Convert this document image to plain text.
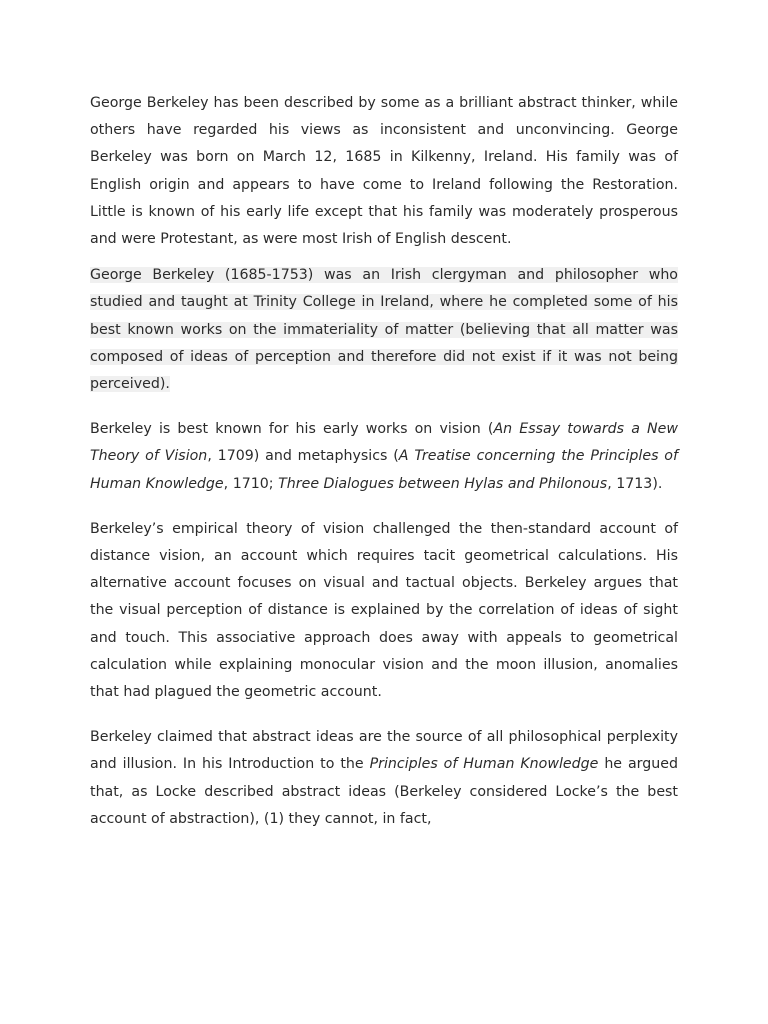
George Berkeley has been described by some as a brilliant abstract thinker, while others have regarded his views as inconsistent and unconvincing. George Berkeley was born on March 12, 1685 in Kilkenny, Ireland. His family was of English origin and appears to have come to Ireland following the Restoration. Little is known of his early life except that his family was moderately prosperous and were Protestant, as were most Irish of English descent.

George Berkeley (1685-1753) was an Irish clergyman and philosopher who studied and taught at Trinity College in Ireland, where he completed some of his best known works on the immateriality of matter (believing that all matter was composed of ideas of perception and therefore did not exist if it was not being perceived).

Berkeley is best known for his early works on vision (An Essay towards a New Theory of Vision, 1709) and metaphysics (A Treatise concerning the Principles of Human Knowledge, 1710; Three Dialogues between Hylas and Philonous, 1713).

Berkeley’s empirical theory of vision challenged the then-standard account of distance vision, an account which requires tacit geometrical calculations. His alternative account focuses on visual and tactual objects. Berkeley argues that the visual perception of distance is explained by the correlation of ideas of sight and touch. This associative approach does away with appeals to geometrical calculation while explaining monocular vision and the moon illusion, anomalies that had plagued the geometric account.

Berkeley claimed that abstract ideas are the source of all philosophical perplexity and illusion. In his Introduction to the Principles of Human Knowledge he argued that, as Locke described abstract ideas (Berkeley considered Locke’s the best account of abstraction), (1) they cannot, in fact,
